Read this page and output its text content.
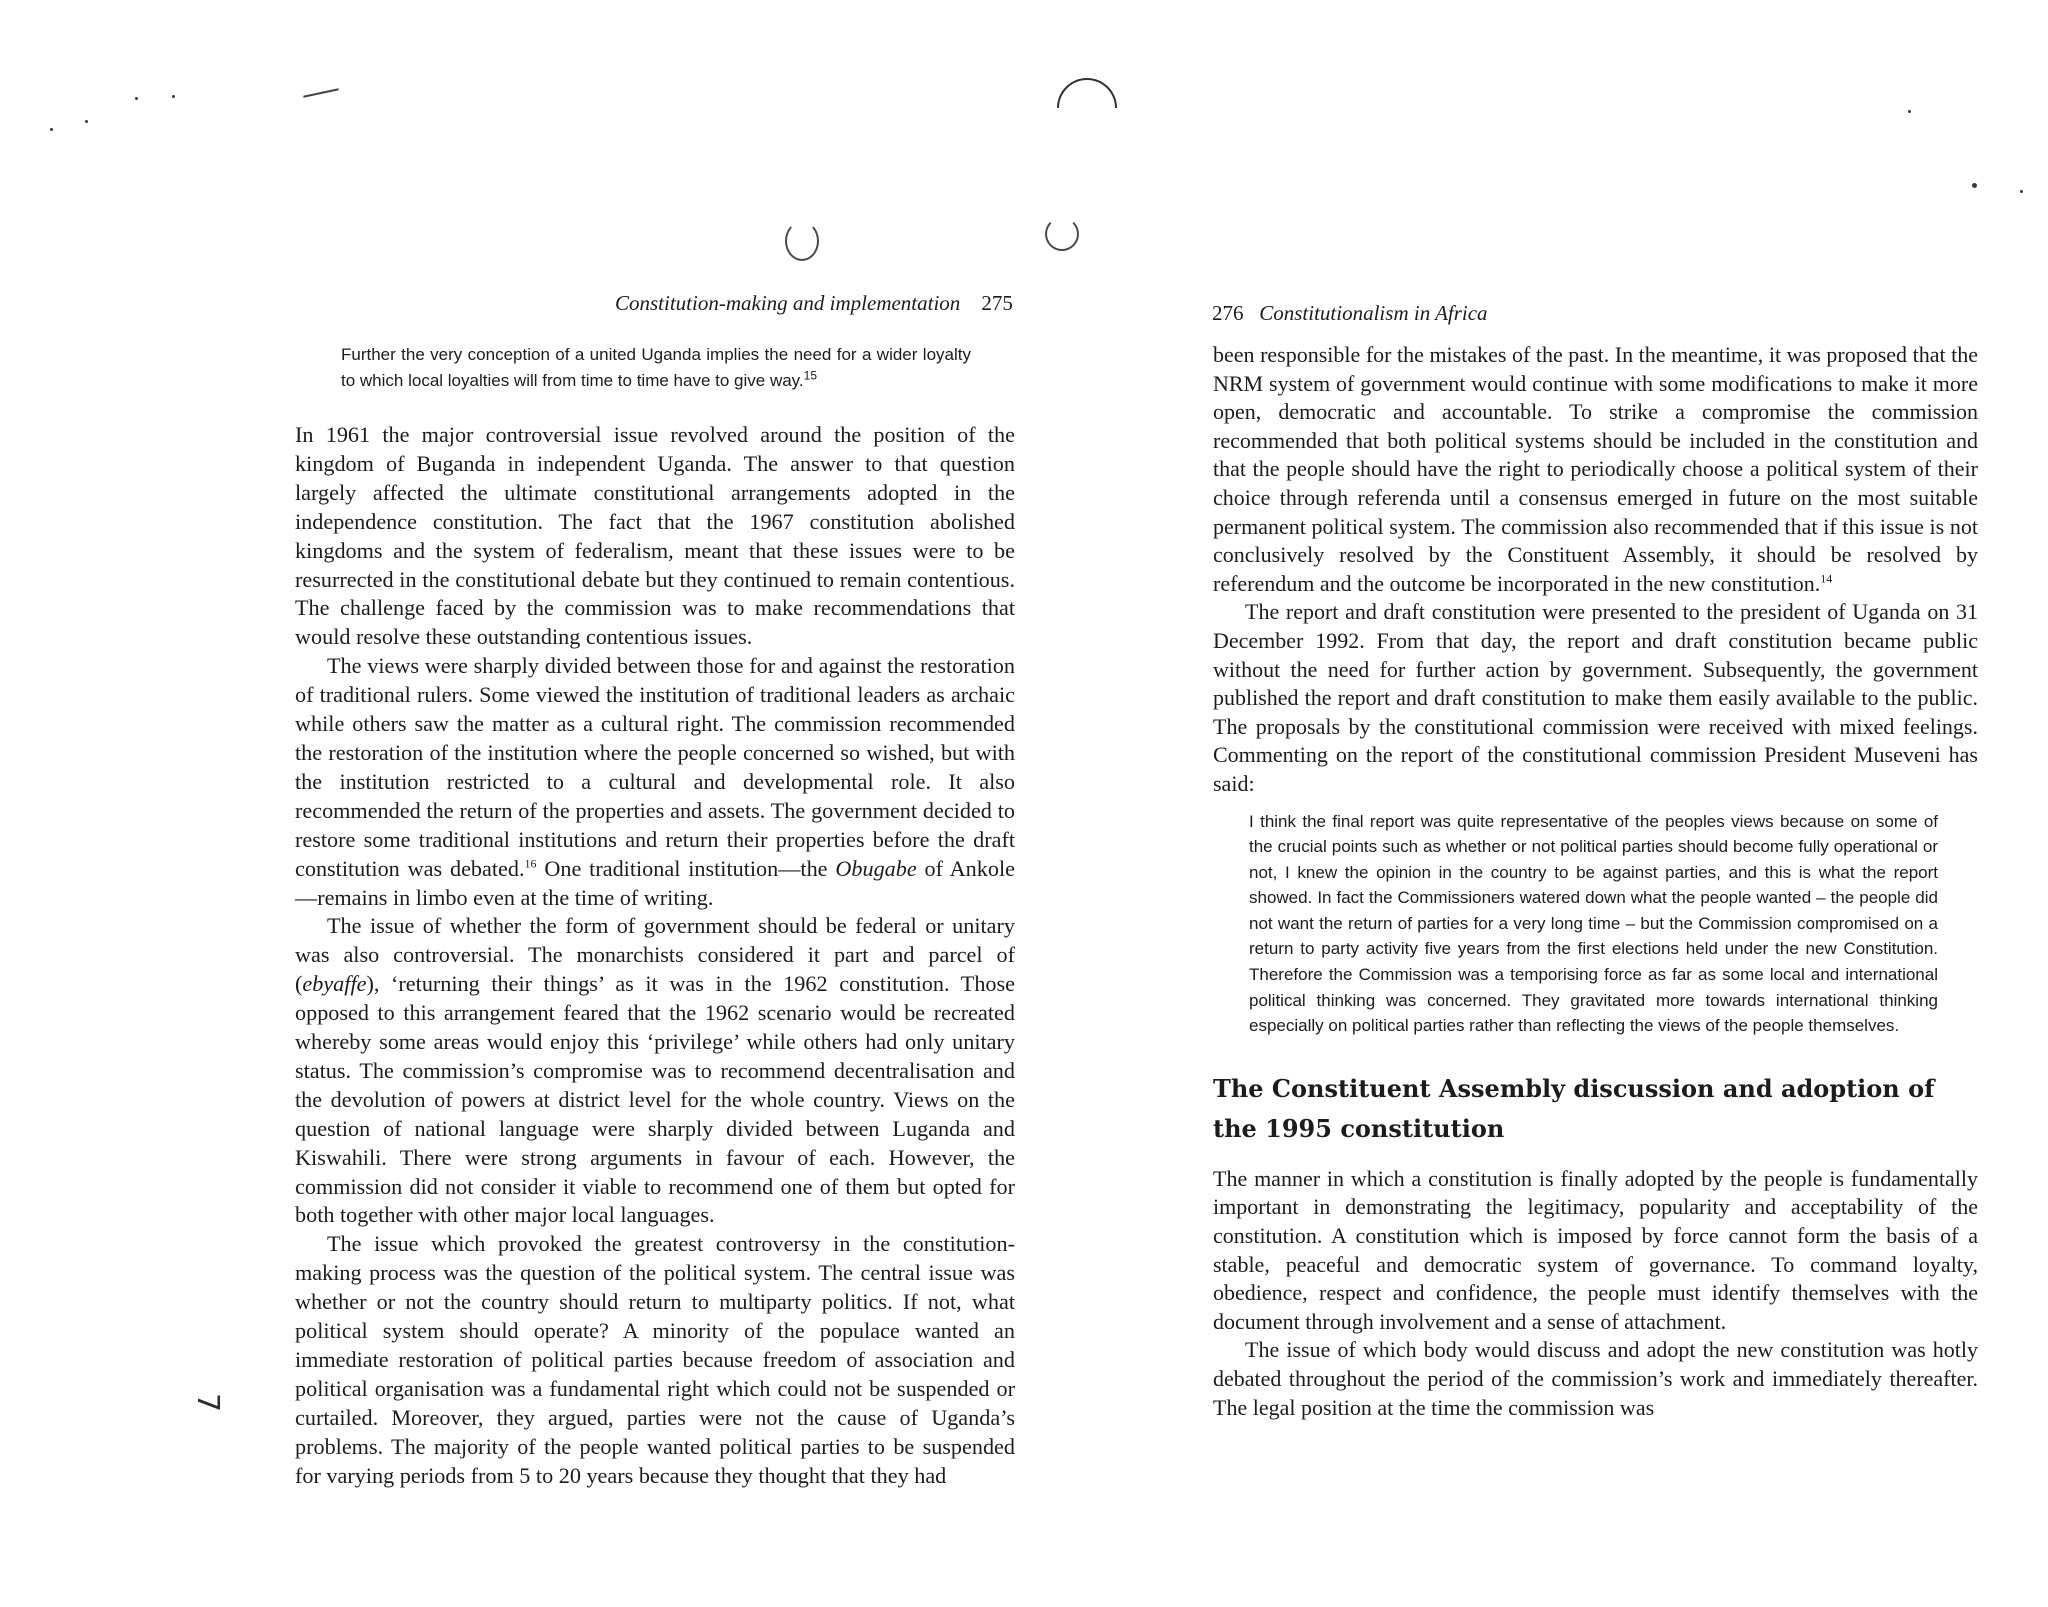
Constitution-making and implementation 275
Further the very conception of a united Uganda implies the need for a wider loyalty to which local loyalties will from time to time have to give way.$^{15}$

In 1961 the major controversial issue revolved around the position of the kingdom of Buganda in independent Uganda. The answer to that question largely affected the ultimate constitutional arrangements adopted in the independence constitution. The fact that the 1967 constitution abolished kingdoms and the system of federalism, meant that these issues were to be resurrected in the constitutional debate but they continued to remain contentious. The challenge faced by the commission was to make recommendations that would resolve these outstanding contentious issues.

The views were sharply divided between those for and against the restoration of traditional rulers. Some viewed the institution of traditional leaders as archaic while others saw the matter as a cultural right. The commission recommended the restoration of the institution where the people concerned so wished, but with the institution restricted to a cultural and developmental role. It also recommended the return of the properties and assets. The government decided to restore some traditional institutions and return their properties before the draft constitution was debated.$^{16}$ One traditional institution—the Obugabe of Ankole—remains in limbo even at the time of writing.

The issue of whether the form of government should be federal or unitary was also controversial. The monarchists considered it part and parcel of (ebyaffe), ‘returning their things’ as it was in the 1962 constitution. Those opposed to this arrangement feared that the 1962 scenario would be recreated whereby some areas would enjoy this ‘privilege’ while others had only unitary status. The commission’s compromise was to recommend decentralisation and the devolution of powers at district level for the whole country. Views on the question of national language were sharply divided between Luganda and Kiswahili. There were strong arguments in favour of each. However, the commission did not consider it viable to recommend one of them but opted for both together with other major local languages.

The issue which provoked the greatest controversy in the constitution-making process was the question of the political system. The central issue was whether or not the country should return to multiparty politics. If not, what political system should operate? A minority of the populace wanted an immediate restoration of political parties because freedom of association and political organisation was a fundamental right which could not be suspended or curtailed. Moreover, they argued, parties were not the cause of Uganda’s problems. The majority of the people wanted political parties to be suspended for varying periods from 5 to 20 years because they thought that they had

7
276 Constitutionalism in Africa

been responsible for the mistakes of the past. In the meantime, it was proposed that the NRM system of government would continue with some modifications to make it more open, democratic and accountable. To strike a compromise the commission recommended that both political systems should be included in the constitution and that the people should have the right to periodically choose a political system of their choice through referenda until a consensus emerged in future on the most suitable permanent political system. The commission also recommended that if this issue is not conclusively resolved by the Constituent Assembly, it should be resolved by referendum and the outcome be incorporated in the new constitution.$^{14}$

The report and draft constitution were presented to the president of Uganda on 31 December 1992. From that day, the report and draft constitution became public without the need for further action by government. Subsequently, the government published the report and draft constitution to make them easily available to the public. The proposals by the constitutional commission were received with mixed feelings. Commenting on the report of the constitutional commission President Museveni has said:

I think the final report was quite representative of the peoples views because on some of the crucial points such as whether or not political parties should become fully operational or not, I knew the opinion in the country to be against parties, and this is what the report showed. In fact the Commissioners watered down what the people wanted – the people did not want the return of parties for a very long time – but the Commission compromised on a return to party activity five years from the first elections held under the new Constitution. Therefore the Commission was a temporising force as far as some local and international political thinking was concerned. They gravitated more towards international thinking especially on political parties rather than reflecting the views of the people themselves.
The Constituent Assembly discussion and adoption of the 1995 constitution

The manner in which a constitution is finally adopted by the people is fundamentally important in demonstrating the legitimacy, popularity and acceptability of the constitution. A constitution which is imposed by force cannot form the basis of a stable, peaceful and democratic system of governance. To command loyalty, obedience, respect and confidence, the people must identify themselves with the document through involvement and a sense of attachment.

The issue of which body would discuss and adopt the new constitution was hotly debated throughout the period of the commission’s work and immediately thereafter. The legal position at the time the commission was
